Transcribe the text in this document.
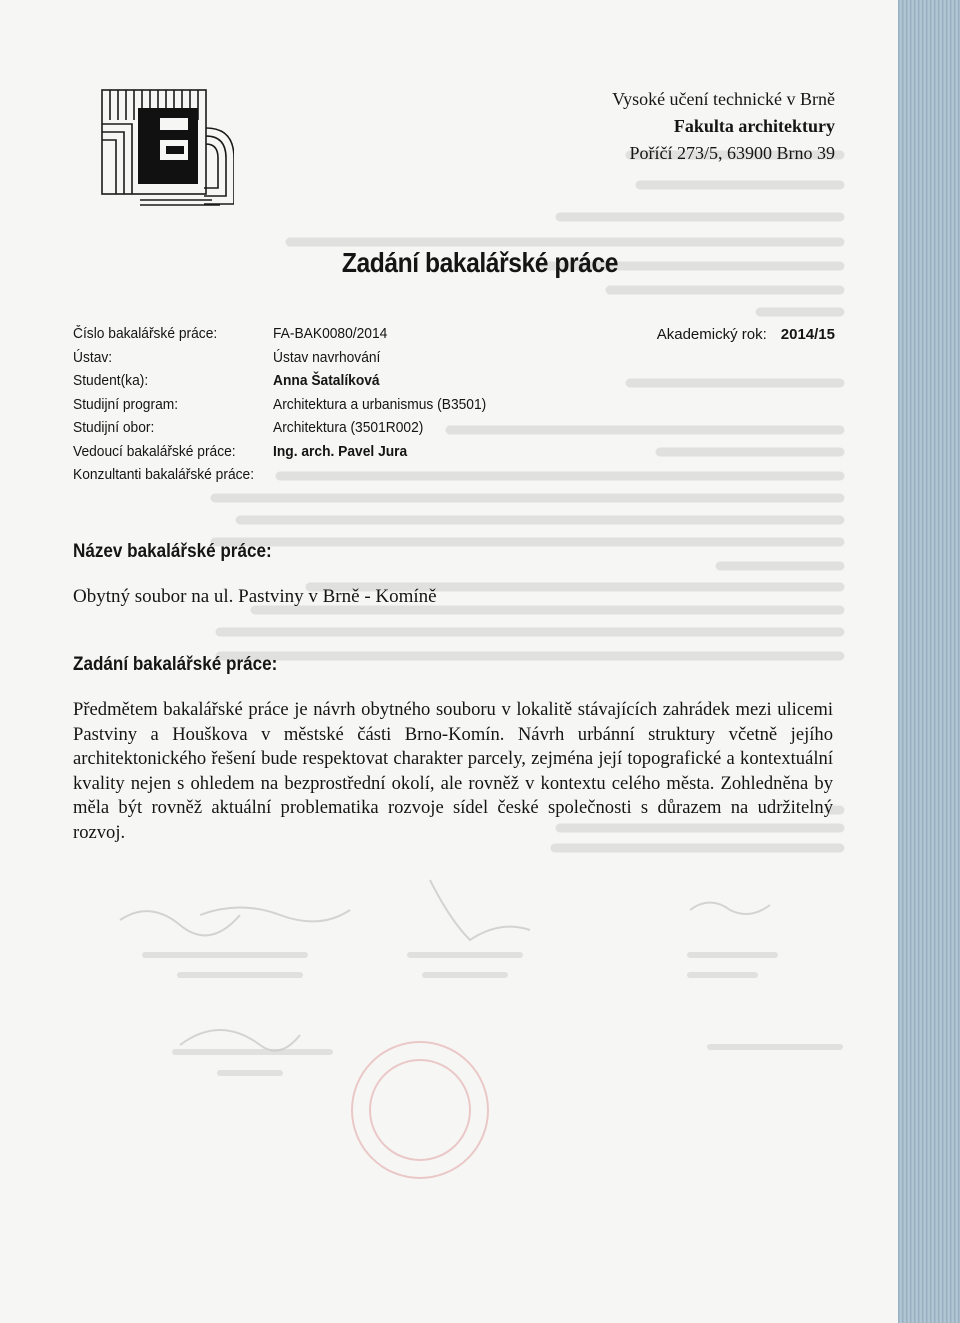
Vysoké učení technické v Brně
Fakulta architektury
Poříčí 273/5, 63900 Brno 39
Zadání bakalářské práce
Číslo bakalářské práce:	FA-BAK0080/2014
Ústav:	Ústav navrhování
Student(ka):	Anna Šatalíková
Studijní program:	Architektura a urbanismus (B3501)
Studijní obor:	Architektura (3501R002)
Vedoucí bakalářské práce:	Ing. arch. Pavel Jura
Konzultanti bakalářské práce:
Akademický rok: 2014/15
Název bakalářské práce:
Obytný soubor na ul. Pastviny v Brně - Komíně
Zadání bakalářské práce:
Předmětem bakalářské práce je návrh obytného souboru v lokalitě stávajících zahrádek mezi ulicemi Pastviny a Houškova v městské části Brno-Komín. Návrh urbánní struktury včetně jejího architektonického řešení bude respektovat charakter parcely, zejména její topografické a kontextuální kvality nejen s ohledem na bezprostřední okolí, ale rovněž v kontextu celého města. Zohledněna by měla být rovněž aktuální problematika rozvoje sídel české společnosti s důrazem na udržitelný rozvoj.
